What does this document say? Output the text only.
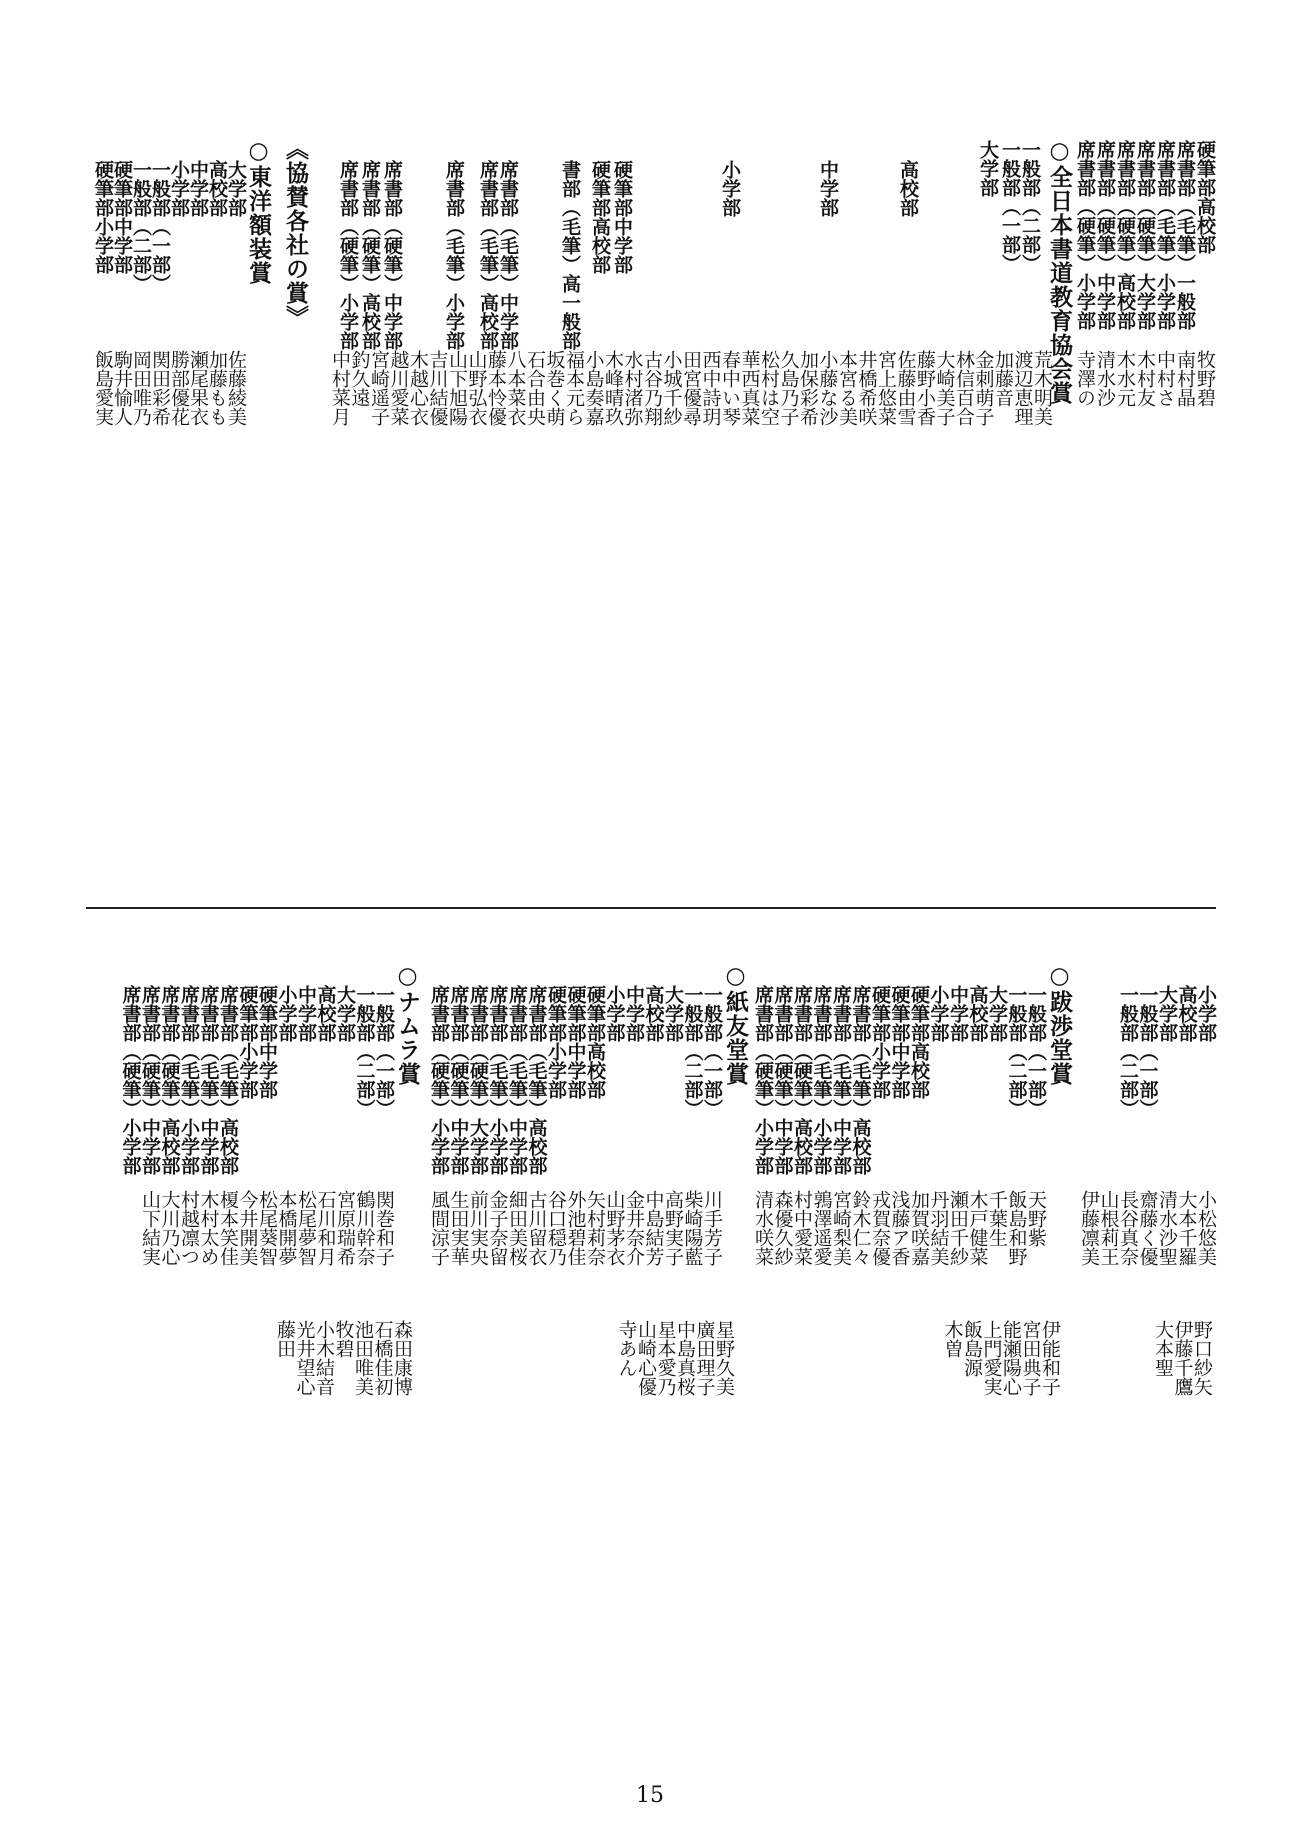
○全日本書道教育協会賞
大学部 一般部（一部）
一般部（二部）
高校部
中学部
小学部
硬筆部中学部
硬筆部高校部
書部（毛筆）高一般部
席書部（毛筆）中学部
席書部（毛筆）高校部
席書部（毛筆）小学部
席書部（硬筆）中学部
席書部（硬筆）高校部
席書部（硬筆）小学部	硬筆部高校部
席書部（毛筆）一般部
席書部（毛筆）小学部
席書部（硬筆）大学部
席書部（硬筆）高校部
席書部（硬筆）中学部
席書部（硬筆）小学部
牧野碧
南村晶
中村さ
木村友
木水元
清水沙
寺澤の
荒木明美
渡辺恵理
加藤音
金刺萌子
林信百合
大崎美子
藤野小香
佐藤由雪
宮上悠菜
井橋希咲
本宮る美
小藤な沙
加保彩希
久島乃子
松村は空
華西真菜
春中い琴
西中詩玥
田宮優尋
小城千紗
古谷乃翔
水村渚弥
木峰晴玖
小島奏嘉
福本元ら
坂巻く萌
石合由央
八本菜衣
藤本怜優
山野弘衣
山下旭陽
吉川結優
木越心衣
越川愛菜
宮崎遥子
釣久遠
中村菜月
○東洋額装賞
大学部
高校部
中学部
小学部
一般部（一部）
一般部（二部）
硬筆部中学部
硬筆部小学部
佐藤綾美
加藤もも
瀬尾果衣
勝部優花
関田彩希
岡田唯乃
駒井愉人
飯島愛実
《協賛各社の賞》
○跋渉堂賞
一般部（一部）
一般部（二部）
大学部
高校部
中学部
小学部
硬筆部高校部
硬筆部中学部
硬筆部小学部
席書部（毛筆）高校部
席書部（毛筆）中学部
席書部（毛筆）小学部
席書部（硬筆）高校部
席書部（硬筆）中学部
席書部（硬筆）小学部
天野紫
飯島和野
千葉生
木戸健菜
瀬田千紗
丹羽結美
加賀咲嘉
浅藤ア香
戎賀奈優
鈴木仁々
宮崎梨美
鶉澤遥愛
村中愛菜
森優久紗
清水咲菜
○紙友堂賞
一般部（一部）
一般部（二部）
大学部
高校部
中学部
小学部
硬筆部高校部
硬筆部中学部
硬筆部小学部
席書部（毛筆）高校部
席書部（毛筆）中学部
席書部（毛筆）小学部
席書部（硬筆）大学部
席書部（硬筆）中学部
席書部（硬筆）小学部
川手芳子
柴崎陽藍
高野実子
中島結芳
金井奈介
山野茅衣
矢村莉奈
外池碧佳
谷口穏乃
古川留衣
細田美桜
金子奈留
前川実央
生田実華
風間涼子
○ナムラ賞
一般部（一部）
一般部（二部）
大学部
高校部
中学部
小学部
硬筆部中学部
硬筆部小学部
席書部（毛筆）高校部
席書部（毛筆）中学部
席書部（毛筆）小学部
席書部（硬筆）高校部
席書部（硬筆）中学部
席書部（硬筆）小学部
関巻和子
鶴川幹奈
宮原瑞希
石川和月
松尾夢智
本橋開夢
松尾葵智
今井開美
榎本笑佳
木村太め
村越凛つ
大川乃心
山下結実
小学部
高校部
大学部
一般部（一部）
一般部（二部）
小松悠美
大本千羅
清水沙聖
齋藤く優
長谷真奈
山根莉王
伊藤凛美
伊能和子
宮田典子
能瀬陽心
上門愛実
飯島源
木曽
星野久美
廣田理子
中島真桜
星本愛乃
山崎心優
寺あん
森田康博
石橋佳初
池田唯美
牧碧
小木結音
光井望心
藤田	野口紗矢
伊藤千鷹
大本聖
15
